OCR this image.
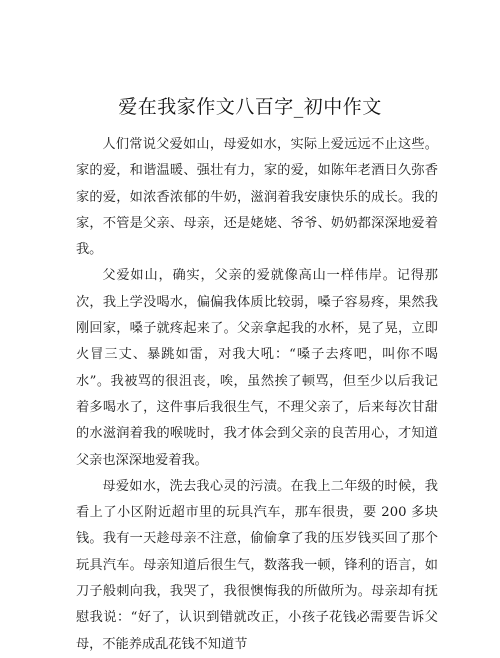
爱在我家作文八百字_初中作文

人们常说父爱如山，母爱如水，实际上爱远远不止这些。家的爱，和谐温暖、强壮有力，家的爱，如陈年老酒日久弥香家的爱，如浓香浓郁的牛奶，滋润着我安康快乐的成长。我的家，不管是父亲、母亲，还是姥姥、爷爷、奶奶都深深地爱着我。

父爱如山，确实，父亲的爱就像高山一样伟岸。记得那次，我上学没喝水，偏偏我体质比较弱，嗓子容易疼，果然我刚回家，嗓子就疼起来了。父亲拿起我的水杯，晃了晃，立即火冒三丈、暴跳如雷，对我大吼：“嗓子去疼吧，叫你不喝水”。我被骂的很沮丧，唉，虽然挨了顿骂，但至少以后我记着多喝水了，这件事后我很生气，不理父亲了，后来每次甘甜的水滋润着我的喉咙时，我才体会到父亲的良苦用心，才知道父亲也深深地爱着我。

母爱如水，洗去我心灵的污渍。在我上二年级的时候，我看上了小区附近超市里的玩具汽车，那车很贵，要 200 多块钱。我有一天趁母亲不注意，偷偷拿了我的压岁钱买回了那个玩具汽车。母亲知道后很生气，数落我一顿，锋利的语言，如刀子般刺向我，我哭了，我很懊悔我的所做所为。母亲却有抚慰我说：“好了，认识到错就改正，小孩子花钱必需要告诉父母，不能养成乱花钱不知道节
